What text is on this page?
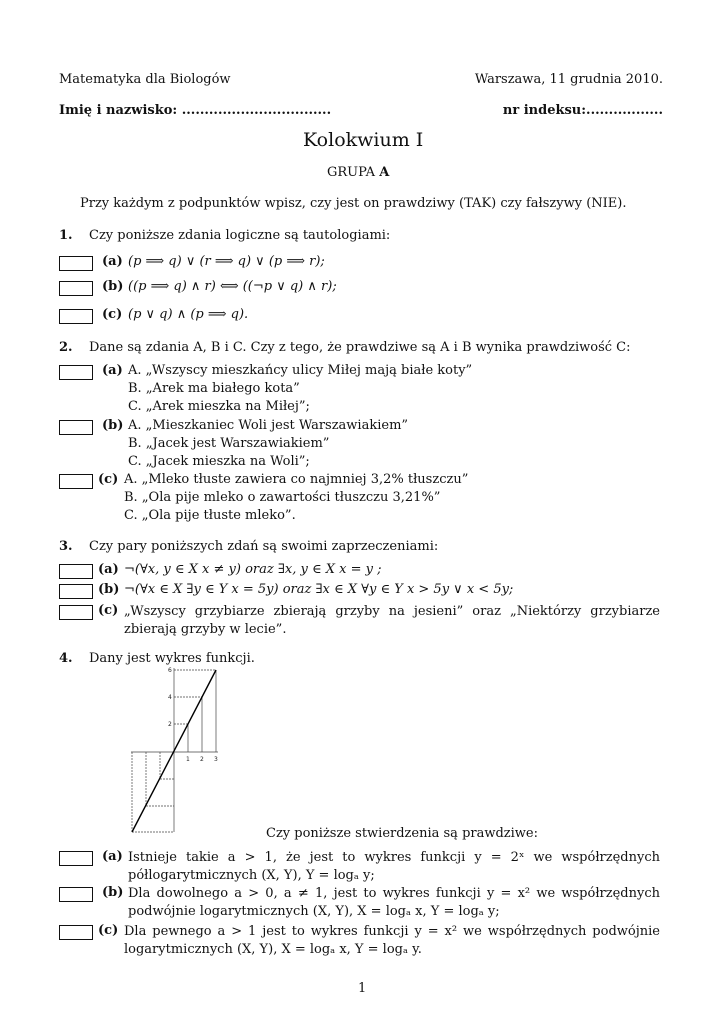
Matematyka dla Biologów	Warszawa, 11 grudnia 2010.
Imię i nazwisko: .................................	nr indeksu:.................
Kolokwium I
GRUPA A
Przy każdym z podpunktów wpisz, czy jest on prawdziwy (TAK) czy fałszywy (NIE).
1. Czy poniższe zdania logiczne są tautologiami:
(a) (p ⟹ q) ∨ (r ⟹ q) ∨ (p ⟹ r);
(b) ((p ⟹ q) ∧ r) ⟺ ((¬p ∨ q) ∧ r);
(c) (p ∨ q) ∧ (p ⟹ q).
2. Dane są zdania A, B i C. Czy z tego, że prawdziwe są A i B wynika prawdziwość C:
(a) A. „Wszyscy mieszkańcy ulicy Miłej mają białe koty”
B. „Arek ma białego kota”
C. „Arek mieszka na Miłej”;
(b) A. „Mieszkaniec Woli jest Warszawiakiem”
B. „Jacek jest Warszawiakiem”
C. „Jacek mieszka na Woli”;
(c) A. „Mleko tłuste zawiera co najmniej 3,2% tłuszczu”
B. „Ola pije mleko o zawartości tłuszczu 3,21%”
C. „Ola pije tłuste mleko”.
3. Czy pary poniższych zdań są swoimi zaprzeczeniami:
(a) ¬(∀x, y ∈ X x ≠ y) oraz ∃x, y ∈ X x = y ;
(b) ¬(∀x ∈ X ∃y ∈ Y x = 5y) oraz ∃x ∈ X ∀y ∈ Y x > 5y ∨ x < 5y;
(c) „Wszyscy grzybiarze zbierają grzyby na jesieni” oraz „Niektórzy grzybiarze zbierają grzyby w lecie”.
4. Dany jest wykres funkcji.
6
4
2
1 2 3
Czy poniższe stwierdzenia są prawdziwe:
(a) Istnieje takie a > 1, że jest to wykres funkcji y = 2ˣ we współrzędnych półlogarytmicznych (X, Y), Y = logₐ y;
(b) Dla dowolnego a > 0, a ≠ 1, jest to wykres funkcji y = x² we współrzędnych podwójnie logarytmicznych (X, Y), X = logₐ x, Y = logₐ y;
(c) Dla pewnego a > 1 jest to wykres funkcji y = x² we współrzędnych podwójnie logarytmicznych (X, Y), X = logₐ x, Y = logₐ y.
1
